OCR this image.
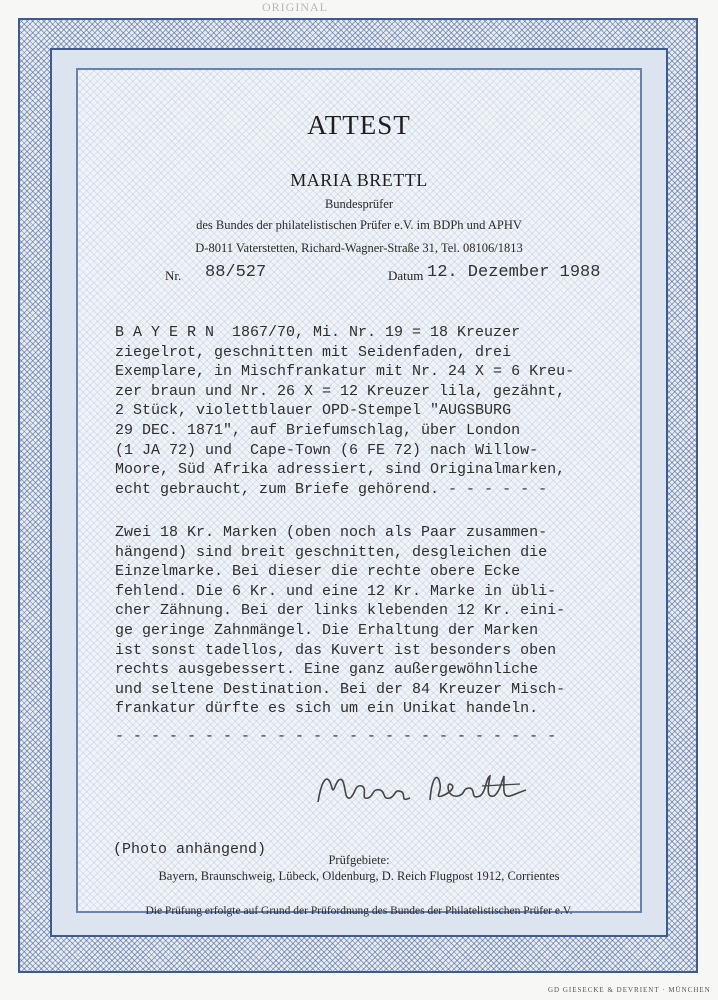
ORIGINAL
ATTEST
MARIA BRETTL
Bundesprüfer
des Bundes der philatelistischen Prüfer e.V. im BDPh und APHV
D-8011 Vaterstetten, Richard-Wagner-Straße 31, Tel. 08106/1813
Nr. 88/527	Datum 12. Dezember 1988
B A Y E R N  1867/70, Mi. Nr. 19 = 18 Kreuzer
ziegelrot, geschnitten mit Seidenfaden, drei
Exemplare, in Mischfrankatur mit Nr. 24 X = 6 Kreu-
zer braun und Nr. 26 X = 12 Kreuzer lila, gezähnt,
2 Stück, violettblauer OPD-Stempel "AUGSBURG
29 DEC. 1871", auf Briefumschlag, über London
(1 JA 72) und  Cape-Town (6 FE 72) nach Willow-
Moore, Süd Afrika adressiert, sind Originalmarken,
echt gebraucht, zum Briefe gehörend. - - - - - -
Zwei 18 Kr. Marken (oben noch als Paar zusammen-
hängend) sind breit geschnitten, desgleichen die
Einzelmarke. Bei dieser die rechte obere Ecke
fehlend. Die 6 Kr. und eine 12 Kr. Marke in übli-
cher Zähnung. Bei der links klebenden 12 Kr. eini-
ge geringe Zahnmängel. Die Erhaltung der Marken
ist sonst tadellos, das Kuvert ist besonders oben
rechts ausgebessert. Eine ganz außergewöhnliche
und seltene Destination. Bei der 84 Kreuzer Misch-
frankatur dürfte es sich um ein Unikat handeln.
- - - - - - - - - - - - - - - - - - - - - - - - -
(Photo anhängend)
Prüfgebiete:
Bayern, Braunschweig, Lübeck, Oldenburg, D. Reich Flugpost 1912, Corrientes
Die Prüfung erfolgte auf Grund der Prüfordnung des Bundes der Philatelistischen Prüfer e.V.
GD GIESECKE & DEVRIENT · MÜNCHEN
